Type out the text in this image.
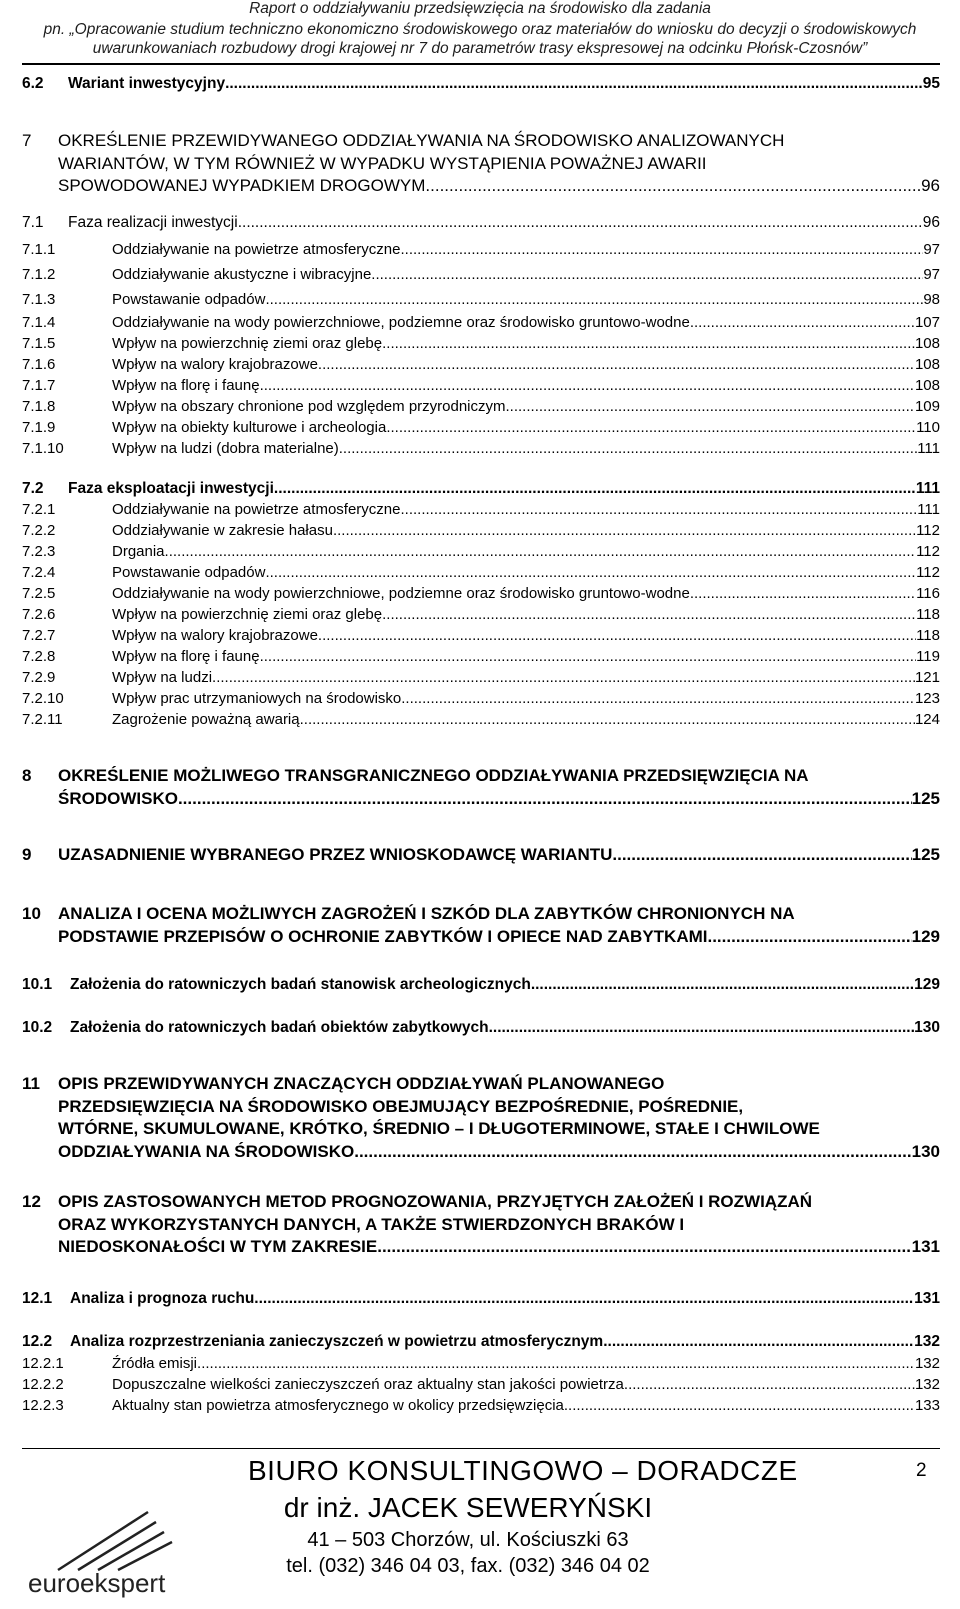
Raport o oddziaływaniu przedsięwzięcia na środowisko dla zadania
pn. „Opracowanie studium techniczno ekonomiczno środowiskowego oraz materiałów do wniosku do decyzji o środowiskowych
uwarunkowaniach rozbudowy drogi krajowej nr 7 do parametrów trasy ekspresowej na odcinku Płońsk-Czosnów”
6.2	Wariant inwestycyjny .....	95
7 OKREŚLENIE PRZEWIDYWANEGO ODDZIAŁYWANIA NA ŚRODOWISKO ANALIZOWANYCH
WARIANTÓW, W TYM RÓWNIEŻ W WYPADKU WYSTĄPIENIA POWAŻNEJ AWARII
SPOWODOWANEJ WYPADKIEM DROGOWYM .....	96
7.1	Faza realizacji inwestycji .....	96
7.1.1	Oddziaływanie na powietrze atmosferyczne .....	97
7.1.2	Oddziaływanie akustyczne i wibracyjne .....	97
7.1.3	Powstawanie odpadów .....	98
7.1.4	Oddziaływanie na wody powierzchniowe, podziemne oraz środowisko gruntowo-wodne .....	107
7.1.5	Wpływ na powierzchnię ziemi oraz glebę .....	108
7.1.6	Wpływ na walory krajobrazowe .....	108
7.1.7	Wpływ na florę i faunę .....	108
7.1.8	Wpływ na obszary chronione pod względem przyrodniczym .....	109
7.1.9	Wpływ na obiekty kulturowe i archeologia .....	110
7.1.10	Wpływ na ludzi (dobra materialne) .....	111
7.2	Faza eksploatacji inwestycji .....	111
7.2.1	Oddziaływanie na powietrze atmosferyczne .....	111
7.2.2	Oddziaływanie w zakresie hałasu .....	112
7.2.3	Drgania .....	112
7.2.4	Powstawanie odpadów .....	112
7.2.5	Oddziaływanie na wody powierzchniowe, podziemne oraz środowisko gruntowo-wodne .....	116
7.2.6	Wpływ na powierzchnię ziemi oraz glebę .....	118
7.2.7	Wpływ na walory krajobrazowe .....	118
7.2.8	Wpływ na florę i faunę .....	119
7.2.9	Wpływ na ludzi .....	121
7.2.10	Wpływ prac utrzymaniowych na środowisko .....	123
7.2.11	Zagrożenie poważną awarią .....	124
8 OKREŚLENIE MOŻLIWEGO TRANSGRANICZNEGO ODDZIAŁYWANIA PRZEDSIĘWZIĘCIA NA
ŚRODOWISKO .....	125
9	UZASADNIENIE WYBRANEGO PRZEZ WNIOSKODAWCĘ WARIANTU .....	125
10 ANALIZA I OCENA MOŻLIWYCH ZAGROŻEŃ I SZKÓD DLA ZABYTKÓW CHRONIONYCH NA
PODSTAWIE PRZEPISÓW O OCHRONIE ZABYTKÓW I OPIECE NAD ZABYTKAMI .....	129
10.1	Założenia do ratowniczych badań stanowisk archeologicznych .....	129
10.2	Założenia do ratowniczych badań obiektów zabytkowych .....	130
11 OPIS PRZEWIDYWANYCH ZNACZĄCYCH ODDZIAŁYWAŃ PLANOWANEGO
PRZEDSIĘWZIĘCIA NA ŚRODOWISKO OBEJMUJĄCY BEZPOŚREDNIE, POŚREDNIE,
WTÓRNE, SKUMULOWANE, KRÓTKO, ŚREDNIO – I DŁUGOTERMINOWE, STAŁE I CHWILOWE
ODDZIAŁYWANIA NA ŚRODOWISKO .....	130
12 OPIS ZASTOSOWANYCH METOD PROGNOZOWANIA, PRZYJĘTYCH ZAŁOŻEŃ I ROZWIĄZAŃ
ORAZ WYKORZYSTANYCH DANYCH, A TAKŻE STWIERDZONYCH BRAKÓW I
NIEDOSKONAŁOŚCI W TYM ZAKRESIE .....	131
12.1	Analiza i prognoza ruchu .....	131
12.2	Analiza rozprzestrzeniania zanieczyszczeń w powietrzu atmosferycznym .....	132
12.2.1	Źródła emisji .....	132
12.2.2	Dopuszczalne wielkości zanieczyszczeń oraz aktualny stan jakości powietrza .....	132
12.2.3	Aktualny stan powietrza atmosferycznego w okolicy przedsięwzięcia .....	133
euroekspert
BIURO KONSULTINGOWO – DORADCZE
dr inż. JACEK SEWERYŃSKI
41 – 503 Chorzów, ul. Kościuszki 63
tel. (032) 346 04 03, fax. (032) 346 04 02
2
